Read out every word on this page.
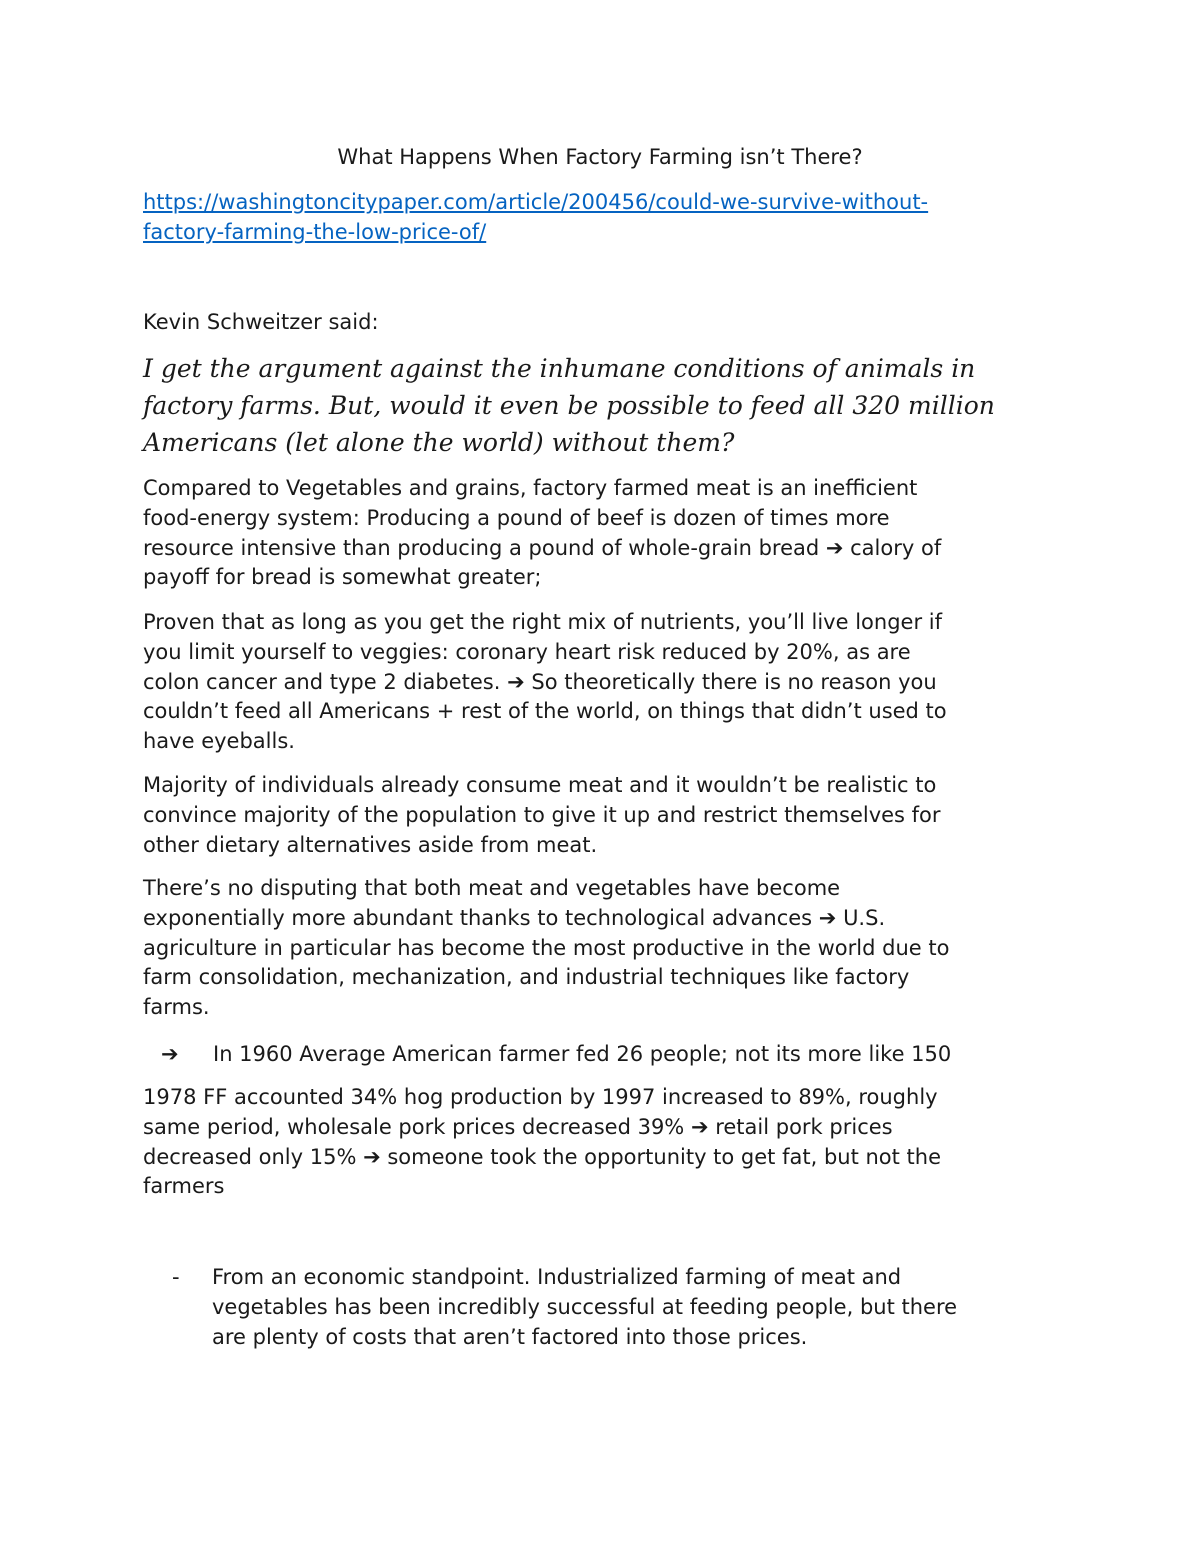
What Happens When Factory Farming isn’t There?
https://washingtoncitypaper.com/article/200456/could-we-survive-without-
factory-farming-the-low-price-of/
Kevin Schweitzer said:
I get the argument against the inhumane conditions of animals in
factory farms. But, would it even be possible to feed all 320 million
Americans (let alone the world) without them?
Compared to Vegetables and grains, factory farmed meat is an inefficient
food-energy system: Producing a pound of beef is dozen of times more
resource intensive than producing a pound of whole-grain bread ➔ calory of
payoff for bread is somewhat greater;
Proven that as long as you get the right mix of nutrients, you’ll live longer if
you limit yourself to veggies: coronary heart risk reduced by 20%, as are
colon cancer and type 2 diabetes. ➔ So theoretically there is no reason you
couldn’t feed all Americans + rest of the world, on things that didn’t used to
have eyeballs.
Majority of individuals already consume meat and it wouldn’t be realistic to
convince majority of the population to give it up and restrict themselves for
other dietary alternatives aside from meat.
There’s no disputing that both meat and vegetables have become
exponentially more abundant thanks to technological advances ➔ U.S.
agriculture in particular has become the most productive in the world due to
farm consolidation, mechanization, and industrial techniques like factory
farms.
➔ In 1960 Average American farmer fed 26 people; not its more like 150
1978 FF accounted 34% hog production by 1997 increased to 89%, roughly
same period, wholesale pork prices decreased 39% ➔ retail pork prices
decreased only 15% ➔ someone took the opportunity to get fat, but not the
farmers
- From an economic standpoint. Industrialized farming of meat and
vegetables has been incredibly successful at feeding people, but there
are plenty of costs that aren’t factored into those prices.
